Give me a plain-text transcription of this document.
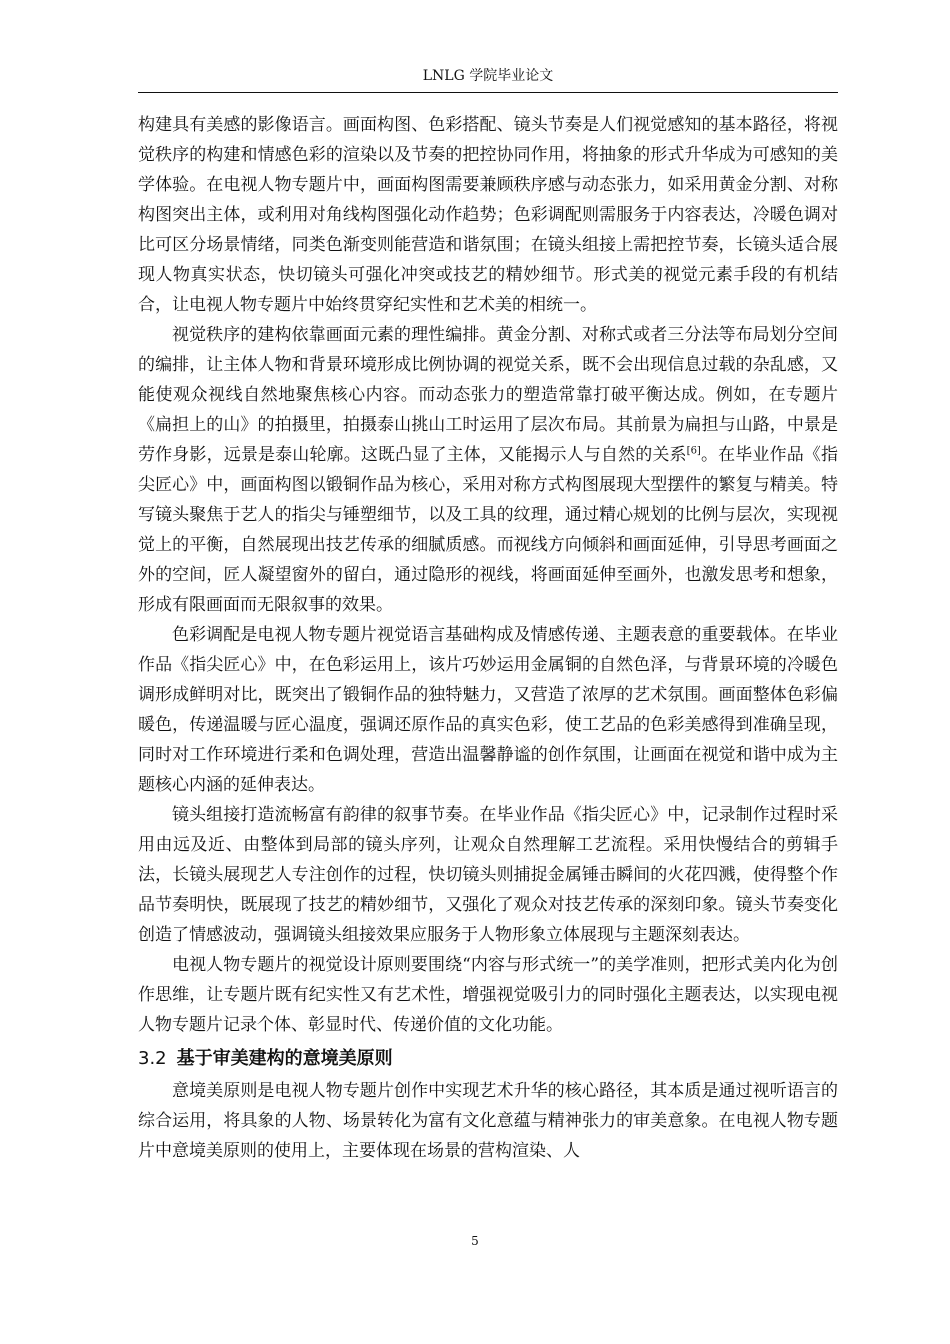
LNLG 学院毕业论文

构建具有美感的影像语言。画面构图、色彩搭配、镜头节奏是人们视觉感知的基本路径，将视觉秩序的构建和情感色彩的渲染以及节奏的把控协同作用，将抽象的形式升华成为可感知的美学体验。在电视人物专题片中，画面构图需要兼顾秩序感与动态张力，如采用黄金分割、对称构图突出主体，或利用对角线构图强化动作趋势；色彩调配则需服务于内容表达，冷暖色调对比可区分场景情绪，同类色渐变则能营造和谐氛围；在镜头组接上需把控节奏，长镜头适合展现人物真实状态，快切镜头可强化冲突或技艺的精妙细节。形式美的视觉元素手段的有机结合，让电视人物专题片中始终贯穿纪实性和艺术美的相统一。

视觉秩序的建构依靠画面元素的理性编排。黄金分割、对称式或者三分法等布局划分空间的编排，让主体人物和背景环境形成比例协调的视觉关系，既不会出现信息过载的杂乱感，又能使观众视线自然地聚焦核心内容。而动态张力的塑造常靠打破平衡达成。例如，在专题片《扁担上的山》的拍摄里，拍摄泰山挑山工时运用了层次布局。其前景为扁担与山路，中景是劳作身影，远景是泰山轮廓。这既凸显了主体，又能揭示人与自然的关系[6]。在毕业作品《指尖匠心》中，画面构图以锻铜作品为核心，采用对称方式构图展现大型摆件的繁复与精美。特写镜头聚焦于艺人的指尖与锤塑细节，以及工具的纹理，通过精心规划的比例与层次，实现视觉上的平衡，自然展现出技艺传承的细腻质感。而视线方向倾斜和画面延伸，引导思考画面之外的空间，匠人凝望窗外的留白，通过隐形的视线，将画面延伸至画外，也激发思考和想象，形成有限画面而无限叙事的效果。

色彩调配是电视人物专题片视觉语言基础构成及情感传递、主题表意的重要载体。在毕业作品《指尖匠心》中，在色彩运用上，该片巧妙运用金属铜的自然色泽，与背景环境的冷暖色调形成鲜明对比，既突出了锻铜作品的独特魅力，又营造了浓厚的艺术氛围。画面整体色彩偏暖色，传递温暖与匠心温度，强调还原作品的真实色彩，使工艺品的色彩美感得到准确呈现，同时对工作环境进行柔和色调处理，营造出温馨静谧的创作氛围，让画面在视觉和谐中成为主题核心内涵的延伸表达。

镜头组接打造流畅富有韵律的叙事节奏。在毕业作品《指尖匠心》中，记录制作过程时采用由远及近、由整体到局部的镜头序列，让观众自然理解工艺流程。采用快慢结合的剪辑手法，长镜头展现艺人专注创作的过程，快切镜头则捕捉金属锤击瞬间的火花四溅，使得整个作品节奏明快，既展现了技艺的精妙细节，又强化了观众对技艺传承的深刻印象。镜头节奏变化创造了情感波动，强调镜头组接效果应服务于人物形象立体展现与主题深刻表达。

电视人物专题片的视觉设计原则要围绕“内容与形式统一”的美学准则，把形式美内化为创作思维，让专题片既有纪实性又有艺术性，增强视觉吸引力的同时强化主题表达，以实现电视人物专题片记录个体、彰显时代、传递价值的文化功能。

3.2 基于审美建构的意境美原则

意境美原则是电视人物专题片创作中实现艺术升华的核心路径，其本质是通过视听语言的综合运用，将具象的人物、场景转化为富有文化意蕴与精神张力的审美意象。在电视人物专题片中意境美原则的使用上，主要体现在场景的营构渲染、人

5
